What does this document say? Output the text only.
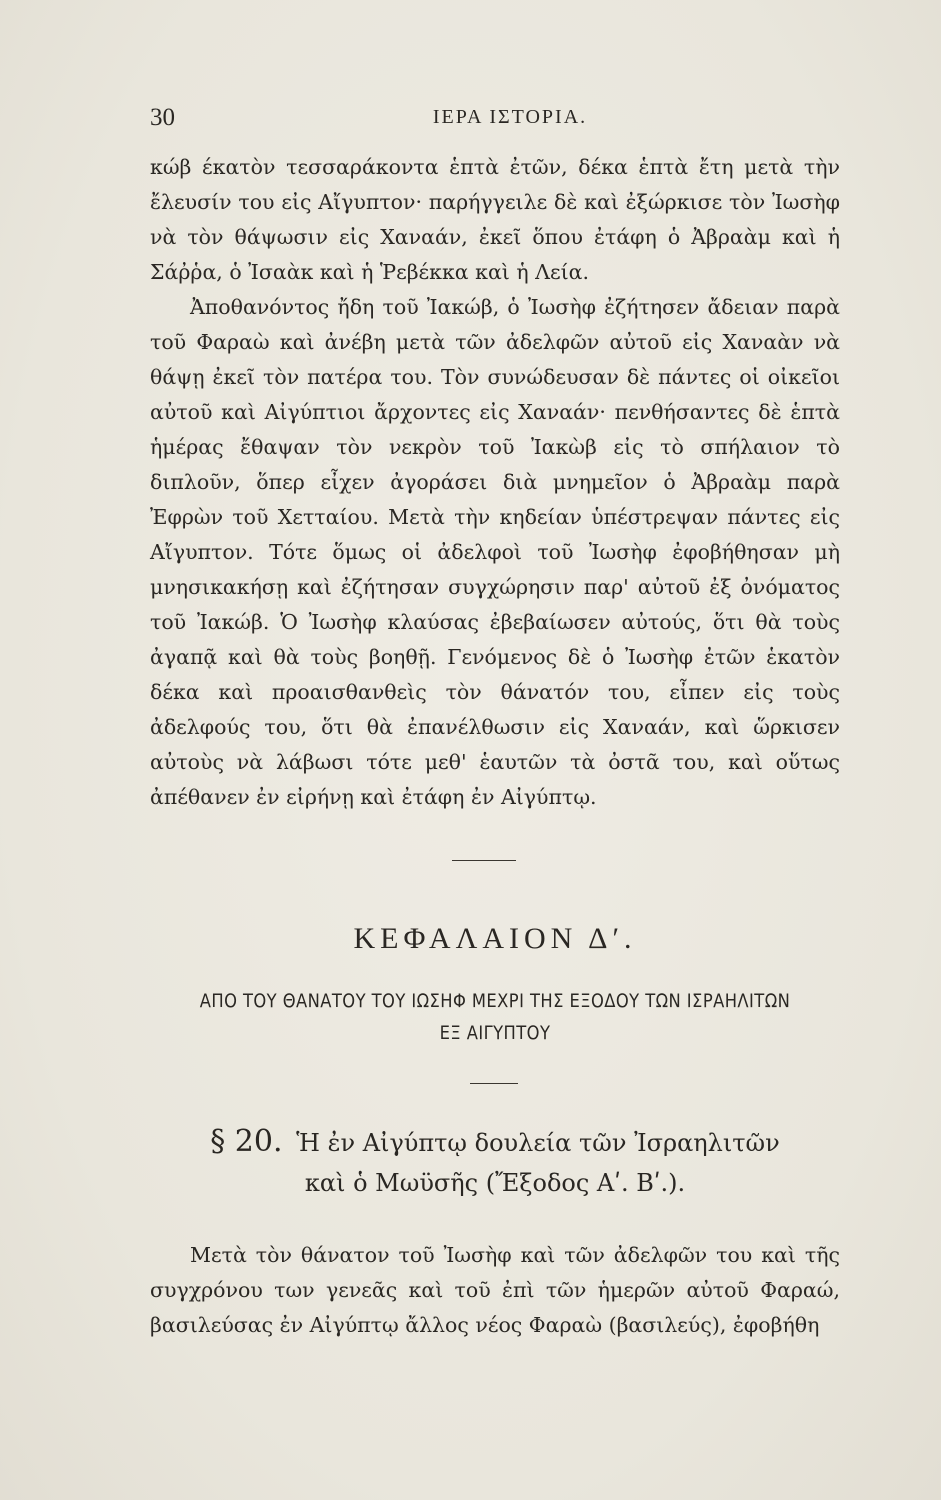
30	ΙΕΡΑ ΙΣΤΟΡΙΑ.

κώβ έκατὸν τεσσαράκοντα ἑπτὰ ἐτῶν, δέκα ἑπτὰ ἔτη μετὰ τὴν ἔλευσίν του εἰς Αἴγυπτον· παρήγγειλε δὲ καὶ ἐξώρκισε τὸν Ἰωσὴφ νὰ τὸν θάψωσιν εἰς Χαναάν, ἐκεῖ ὅπου ἐτάφη ὁ Ἀβραὰμ καὶ ἡ Σάῤῥα, ὁ Ἰσαὰκ καὶ ἡ Ῥεβέκκα καὶ ἡ Λεία.

Ἀποθανόντος ἤδη τοῦ Ἰακώβ, ὁ Ἰωσὴφ ἐζήτησεν ἄδειαν παρὰ τοῦ Φαραὼ καὶ ἀνέβη μετὰ τῶν ἀδελφῶν αὐτοῦ εἰς Χαναὰν νὰ θάψῃ ἐκεῖ τὸν πατέρα του. Τὸν συνώδευσαν δὲ πάντες οἱ οἰκεῖοι αὐτοῦ καὶ Αἰγύπτιοι ἄρχοντες εἰς Χαναάν· πενθήσαντες δὲ ἑπτὰ ἡμέρας ἔθαψαν τὸν νεκρὸν τοῦ Ἰακὼβ εἰς τὸ σπήλαιον τὸ διπλοῦν, ὅπερ εἶχεν ἀγοράσει διὰ μνημεῖον ὁ Ἀβραὰμ παρὰ Ἐφρὼν τοῦ Χετταίου. Μετὰ τὴν κηδείαν ὑπέστρεψαν πάντες εἰς Αἴγυπτον. Τότε ὅμως οἱ ἀδελφοὶ τοῦ Ἰωσὴφ ἐφοβήθησαν μὴ μνησικακήσῃ καὶ ἐζήτησαν συγχώρησιν παρ' αὐτοῦ ἐξ ὀνόματος τοῦ Ἰακώβ. Ὁ Ἰωσὴφ κλαύσας ἐβεβαίωσεν αὐτούς, ὅτι θὰ τοὺς ἀγαπᾷ καὶ θὰ τοὺς βοηθῇ. Γενόμενος δὲ ὁ Ἰωσὴφ ἐτῶν ἑκατὸν δέκα καὶ προαισθανθεὶς τὸν θάνατόν του, εἶπεν εἰς τοὺς ἀδελφούς του, ὅτι θὰ ἐπανέλθωσιν εἰς Χαναάν, καὶ ὥρκισεν αὐτοὺς νὰ λάβωσι τότε μεθ' ἑαυτῶν τὰ ὀστᾶ του, καὶ οὕτως ἀπέθανεν ἐν εἰρήνῃ καὶ ἐτάφη ἐν Αἰγύπτῳ.

ΚΕΦΑΛΑΙΟΝ Δʹ.
ΑΠΟ ΤΟΥ ΘΑΝΑΤΟΥ ΤΟΥ ΙΩΣΗΦ ΜΕΧΡΙ ΤΗΣ ΕΞΟΔΟΥ ΤΩΝ ΙΣΡΑΗΛΙΤΩΝ
ΕΞ ΑΙΓΥΠΤΟΥ
§ 20. Ἡ ἐν Αἰγύπτῳ δουλεία τῶν Ἰσραηλιτῶν
καὶ ὁ Μωϋσῆς (Ἔξοδος Αʹ. Βʹ.).

Μετὰ τὸν θάνατον τοῦ Ἰωσὴφ καὶ τῶν ἀδελφῶν του καὶ τῆς συγχρόνου των γενεᾶς καὶ τοῦ ἐπὶ τῶν ἡμερῶν αὐτοῦ Φαραώ, βασιλεύσας ἐν Αἰγύπτῳ ἄλλος νέος Φαραὼ (βασιλεύς), ἐφοβήθη
